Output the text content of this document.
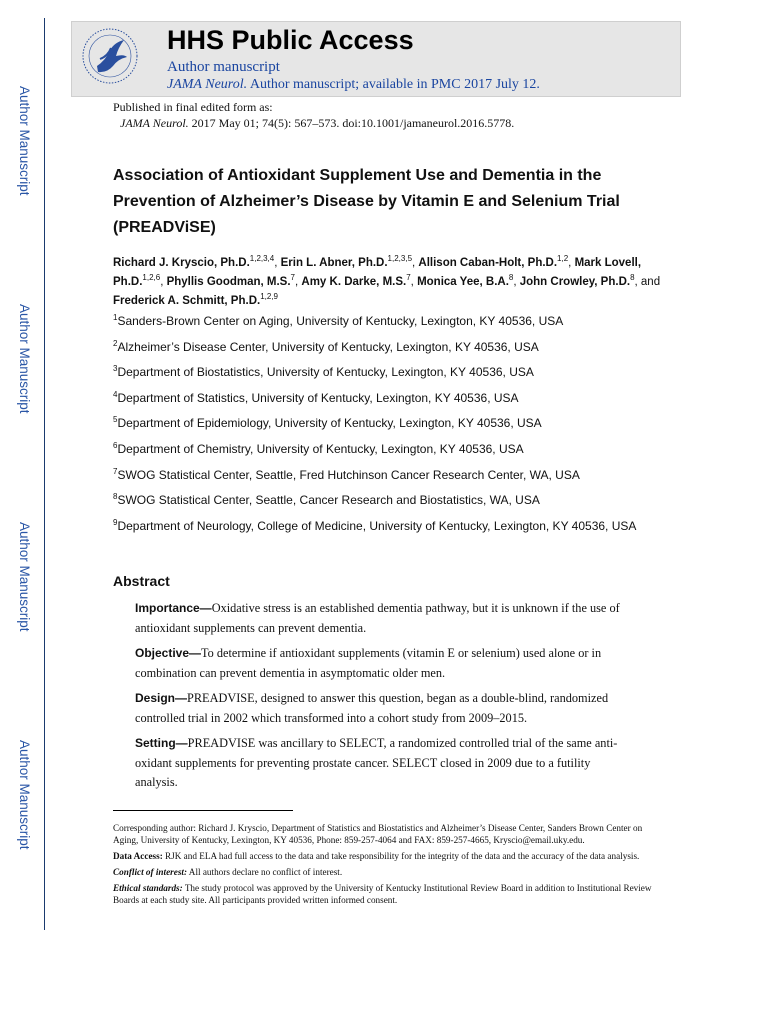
Author Manuscript
Author Manuscript
Author Manuscript
Author Manuscript
HHS Public Access
Author manuscript
JAMA Neurol. Author manuscript; available in PMC 2017 July 12.
Published in final edited form as:
JAMA Neurol. 2017 May 01; 74(5): 567–573. doi:10.1001/jamaneurol.2016.5778.
Association of Antioxidant Supplement Use and Dementia in the Prevention of Alzheimer’s Disease by Vitamin E and Selenium Trial (PREADViSE)
Richard J. Kryscio, Ph.D.$^{1,2,3,4}$, Erin L. Abner, Ph.D.$^{1,2,3,5}$, Allison Caban-Holt, Ph.D.$^{1,2}$, Mark Lovell, Ph.D.$^{1,2,6}$, Phyllis Goodman, M.S.$^7$, Amy K. Darke, M.S.$^7$, Monica Yee, B.A.$^8$, John Crowley, Ph.D.$^8$, and Frederick A. Schmitt, Ph.D.$^{1,2,9}$
$^1$Sanders-Brown Center on Aging, University of Kentucky, Lexington, KY 40536, USA
$^2$Alzheimer’s Disease Center, University of Kentucky, Lexington, KY 40536, USA
$^3$Department of Biostatistics, University of Kentucky, Lexington, KY 40536, USA
$^4$Department of Statistics, University of Kentucky, Lexington, KY 40536, USA
$^5$Department of Epidemiology, University of Kentucky, Lexington, KY 40536, USA
$^6$Department of Chemistry, University of Kentucky, Lexington, KY 40536, USA
$^7$SWOG Statistical Center, Seattle, Fred Hutchinson Cancer Research Center, WA, USA
$^8$SWOG Statistical Center, Seattle, Cancer Research and Biostatistics, WA, USA
$^9$Department of Neurology, College of Medicine, University of Kentucky, Lexington, KY 40536, USA
Abstract
Importance—Oxidative stress is an established dementia pathway, but it is unknown if the use of antioxidant supplements can prevent dementia.
Objective—To determine if antioxidant supplements (vitamin E or selenium) used alone or in combination can prevent dementia in asymptomatic older men.
Design—PREADVISE, designed to answer this question, began as a double-blind, randomized controlled trial in 2002 which transformed into a cohort study from 2009–2015.
Setting—PREADVISE was ancillary to SELECT, a randomized controlled trial of the same anti-oxidant supplements for preventing prostate cancer. SELECT closed in 2009 due to a futility analysis.
Corresponding author: Richard J. Kryscio, Department of Statistics and Biostatistics and Alzheimer’s Disease Center, Sanders Brown Center on Aging, University of Kentucky, Lexington, KY 40536, Phone: 859-257-4064 and FAX: 859-257-4665, Kryscio@email.uky.edu.
Data Access: RJK and ELA had full access to the data and take responsibility for the integrity of the data and the accuracy of the data analysis.
Conflict of interest: All authors declare no conflict of interest.
Ethical standards: The study protocol was approved by the University of Kentucky Institutional Review Board in addition to Institutional Review Boards at each study site. All participants provided written informed consent.
